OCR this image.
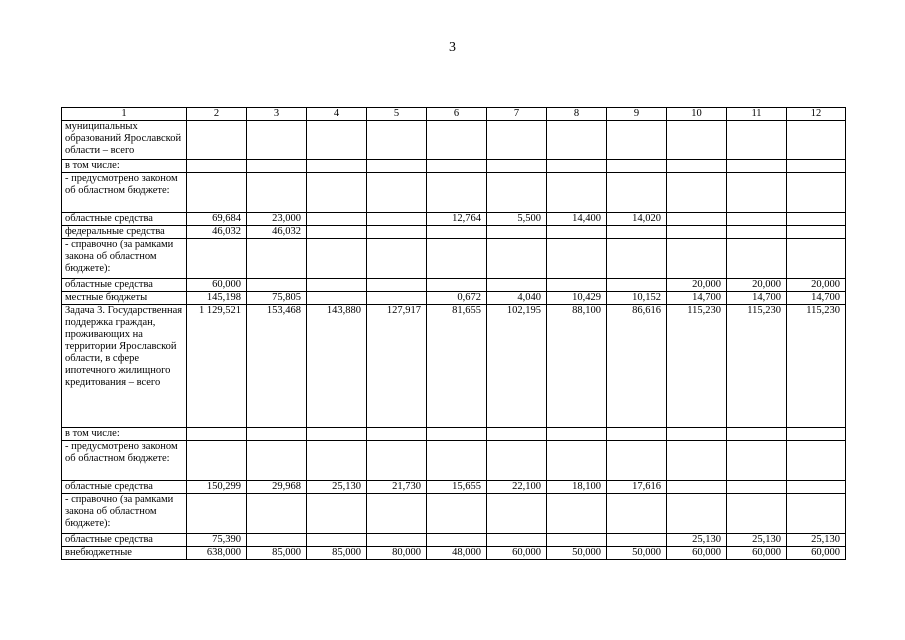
3
1	2	3	4	5	6	7	8	9	10	11	12
муниципальных образований Ярославской области – всего											
в том числе:											
- предусмотрено законом об областном бюджете:											
областные средства	69,684	23,000			12,764	5,500	14,400	14,020			
федеральные средства	46,032	46,032									
- справочно (за рамками закона об областном бюджете):											
областные средства	60,000								20,000	20,000	20,000
местные бюджеты	145,198	75,805			0,672	4,040	10,429	10,152	14,700	14,700	14,700
Задача 3. Государственная поддержка граждан, проживающих на территории Ярославской области, в сфере ипотечного жилищного кредитования – всего	1 129,521	153,468	143,880	127,917	81,655	102,195	88,100	86,616	115,230	115,230	115,230
в том числе:											
- предусмотрено законом об областном бюджете:											
областные средства	150,299	29,968	25,130	21,730	15,655	22,100	18,100	17,616			
- справочно (за рамками закона об областном бюджете):											
областные средства	75,390								25,130	25,130	25,130
внебюджетные	638,000	85,000	85,000	80,000	48,000	60,000	50,000	50,000	60,000	60,000	60,000
